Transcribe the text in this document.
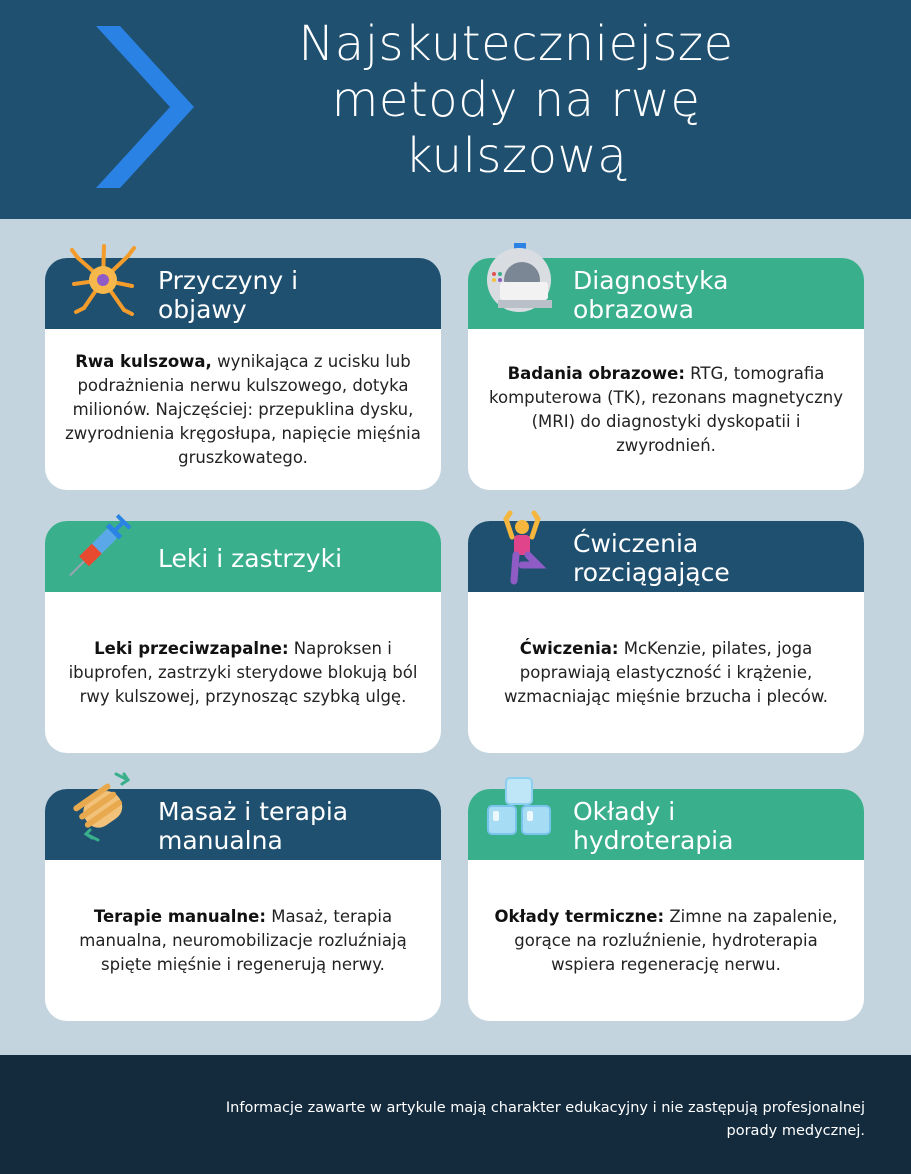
Najskuteczniejsze metody na rwę kulszową
Przyczyny i
objawy

Rwa kulszowa, wynikająca z ucisku lub podrażnienia nerwu kulszowego, dotyka milionów. Najczęściej: przepuklina dysku, zwyrodnienia kręgosłupa, napięcie mięśnia gruszkowatego.

Diagnostyka
obrazowa

Badania obrazowe: RTG, tomografia komputerowa (TK), rezonans magnetyczny (MRI) do diagnostyki dyskopatii i zwyrodnień.

Leki i zastrzyki

Leki przeciwzapalne: Naproksen i ibuprofen, zastrzyki sterydowe blokują ból rwy kulszowej, przynosząc szybką ulgę.

Ćwiczenia
rozciągające

Ćwiczenia: McKenzie, pilates, joga poprawiają elastyczność i krążenie, wzmacniając mięśnie brzucha i pleców.

Masaż i terapia
manualna

Terapie manualne: Masaż, terapia manualna, neuromobilizacje rozluźniają spięte mięśnie i regenerują nerwy.

Okłady i
hydroterapia

Okłady termiczne: Zimne na zapalenie, gorące na rozluźnienie, hydroterapia wspiera regenerację nerwu.

Informacje zawarte w artykule mają charakter edukacyjny i nie zastępują profesjonalnej porady medycznej.
